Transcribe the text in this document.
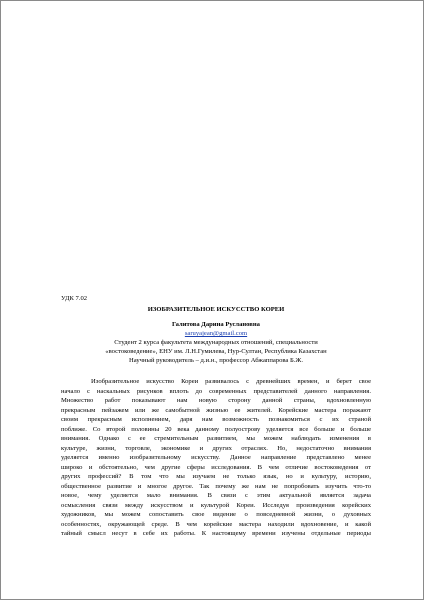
УДК 7.02
ИЗОБРАЗИТЕЛЬНОЕ ИСКУССТВО КОРЕИ
Галитова Дарина Руслановна
saruyajean@gmail.com
Студент 2 курса факультета международных отношений, специальности
«востоковедение», ЕНУ им. Л.Н.Гумилева, Нур-Султан, Республика Казахстан
Научный руководитель – д.и.н., профессор Абжаппарова Б.Ж.
Изобразительное искусство Кореи развивалось с древнейших времен, и берет свое
начало с наскальных рисунков вплоть до современных представителей данного направления.
Множество работ показывают нам новую сторону данной страны, вдохновленную
прекрасным пейзажем или же самобытной жизнью ее жителей. Корейские мастера поражают
своим прекрасным исполнением, даря нам возможность познакомиться с их страной
поближе. Со второй половины 20 века данному полуострову уделяется все больше и больше
внимания. Однако с ее стремительным развитием, мы можем наблюдать изменения в
культуре, жизни, торговле, экономике и других отраслях. Но, недостаточно внимания
уделяется именно изобразительному искусству. Данное направление представлено менее
широко и обстоятельно, чем другие сферы исследования. В чем отличие востоковедения от
других профессий? В том что мы изучаем не только язык, но и культуру, историю,
общественное развитие и многое другое. Так почему же нам не попробовать изучить что-то
новое, чему уделяется мало внимания. В связи с этим актуальной является задача
осмысления связи между искусством и культурой Кореи. Исследуя произведения корейских
художников, мы можем сопоставить свое видение о повседневной жизни, о духовных
особенностях, окружающей среде. В чем корейские мастера находили вдохновение, и какой
тайный смысл несут в себе их работы. К настоящему времени изучены отдельные периоды
